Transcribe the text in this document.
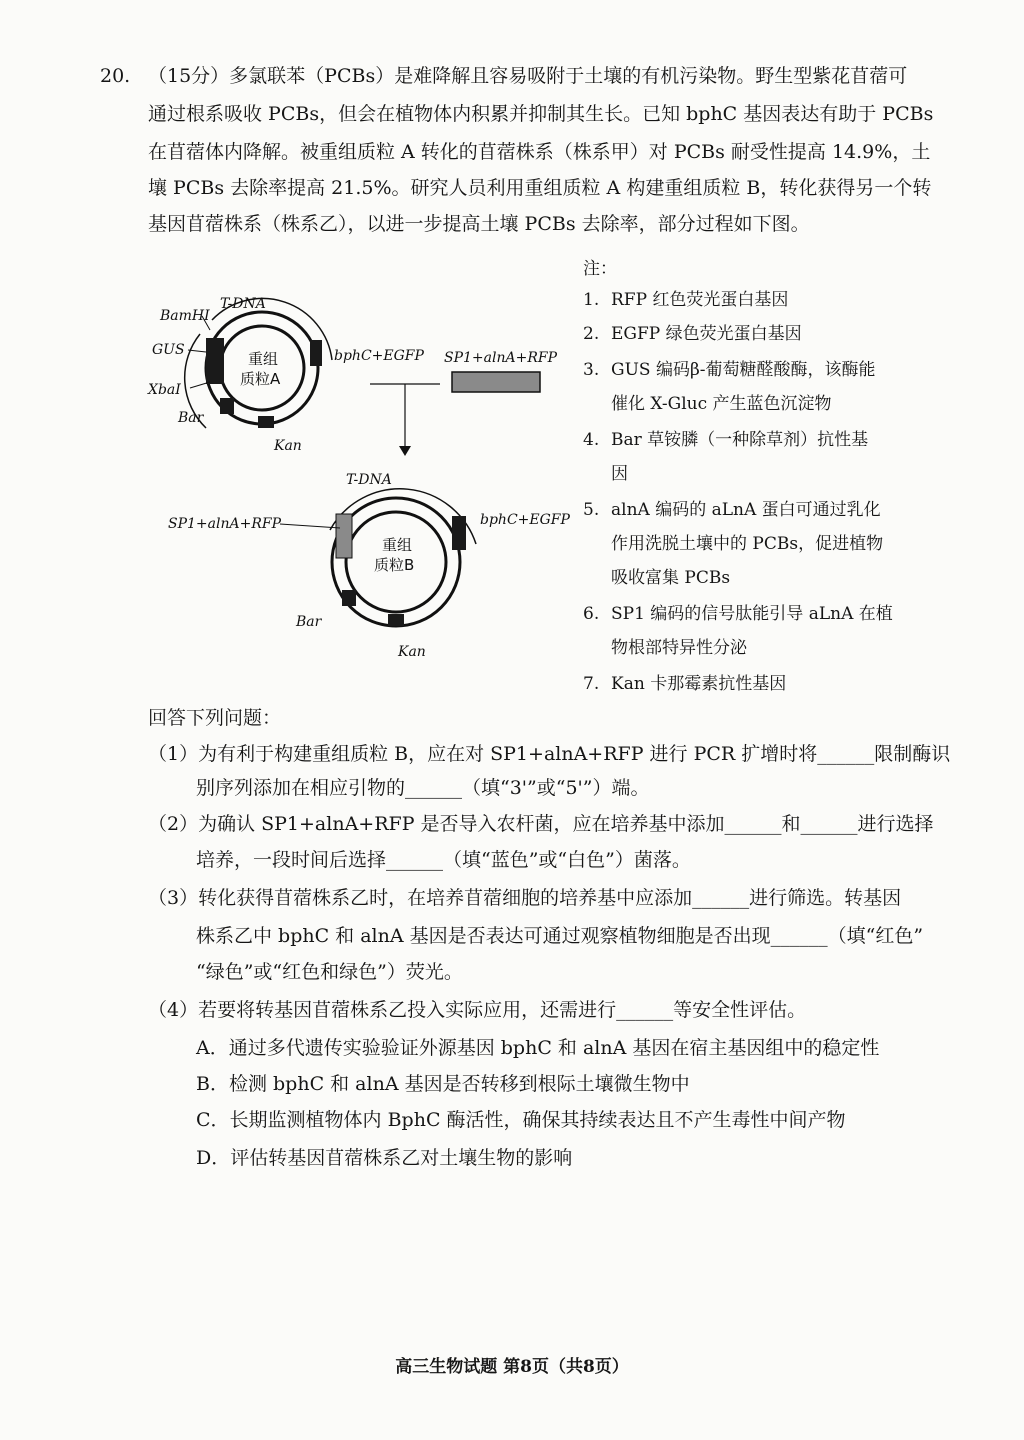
20. （15分）多氯联苯（PCBs）是难降解且容易吸附于土壤的有机污染物。野生型紫花苜蓿可
通过根系吸收 PCBs，但会在植物体内积累并抑制其生长。已知 bphC 基因表达有助于 PCBs
在苜蓿体内降解。被重组质粒 A 转化的苜蓿株系（株系甲）对 PCBs 耐受性提高 14.9%，土
壤 PCBs 去除率提高 21.5%。研究人员利用重组质粒 A 构建重组质粒 B，转化获得另一个转
基因苜蓿株系（株系乙），以进一步提高土壤 PCBs 去除率，部分过程如下图。
重组
质粒A
T-DNA
BamHⅠ
GUS
XbaⅠ
Bar
Kan
bphC+EGFP SP1+alnA+RFP
重组
质粒B
T-DNA
SP1+alnA+RFP	bphC+EGFP
Bar
Kan
注：
1. RFP 红色荧光蛋白基因
2. EGFP 绿色荧光蛋白基因
3. GUS 编码β-葡萄糖醛酸酶，该酶能
催化 X-Gluc 产生蓝色沉淀物
4. Bar 草铵膦（一种除草剂）抗性基
因
5. alnA 编码的 aLnA 蛋白可通过乳化
作用洗脱土壤中的 PCBs，促进植物
吸收富集 PCBs
6. SP1 编码的信号肽能引导 aLnA 在植
物根部特异性分泌
7. Kan 卡那霉素抗性基因
回答下列问题：
（1）为有利于构建重组质粒 B，应在对 SP1+alnA+RFP 进行 PCR 扩增时将______限制酶识
别序列添加在相应引物的______（填“3'”或“5'”）端。
（2）为确认 SP1+alnA+RFP 是否导入农杆菌，应在培养基中添加______和______进行选择
培养，一段时间后选择______（填“蓝色”或“白色”）菌落。
（3）转化获得苜蓿株系乙时，在培养苜蓿细胞的培养基中应添加______进行筛选。转基因
株系乙中 bphC 和 alnA 基因是否表达可通过观察植物细胞是否出现______（填“红色”
“绿色”或“红色和绿色”）荧光。
（4）若要将转基因苜蓿株系乙投入实际应用，还需进行______等安全性评估。
A．通过多代遗传实验验证外源基因 bphC 和 alnA 基因在宿主基因组中的稳定性
B．检测 bphC 和 alnA 基因是否转移到根际土壤微生物中
C．长期监测植物体内 BphC 酶活性，确保其持续表达且不产生毒性中间产物
D．评估转基因苜蓿株系乙对土壤生物的影响
高三生物试题 第8页（共8页）
